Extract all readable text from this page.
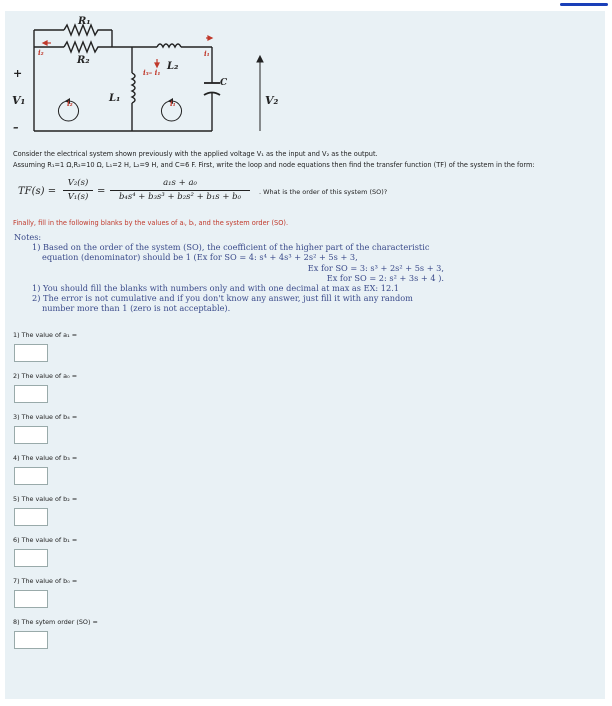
R₁
R₂
L₂
L₁
C
i₂
i₃– i₁
i₁
i₂	i₁
+
–
V₁	V₂
Consider the electrical system shown previously with the applied voltage V₁ as the input and V₂ as the output.
Assuming R₁=1 Ω,R₂=10 Ω, L₁=2 H, L₂=9 H, and C=6 F. First, write the loop and node equations then find the transfer function (TF) of the system in the form:
TF(s) =
V₂(s)
V₁(s) =
a₁s + a₀
b₄s⁴ + b₃s³ + b₂s² + b₁s + b₀	. What is the order of this system (SO)?
Finally, fill in the following blanks by the values of aᵢ, bᵢ, and the system order (SO).
Notes:
1) Based on the order of the system (SO), the coefficient of the higher part of the characteristic
equation (denominator) should be 1 (Ex for SO = 4: s⁴ + 4s³ + 2s² + 5s + 3,
Ex for SO = 3: s³ + 2s² + 5s + 3,
Ex for SO = 2: s² + 3s + 4 ).
1) You should fill the blanks with numbers only and with one decimal at max as EX: 12.1
2) The error is not cumulative and if you don't know any answer, just fill it with any random
number more than 1 (zero is not acceptable).
1) The value of a₁ =
2) The value of a₀ =
3) The value of b₄ =
4) The value of b₃ =
5) The value of b₂ =
6) The value of b₁ =
7) The value of b₀ =
8) The sytem order (SO) =
